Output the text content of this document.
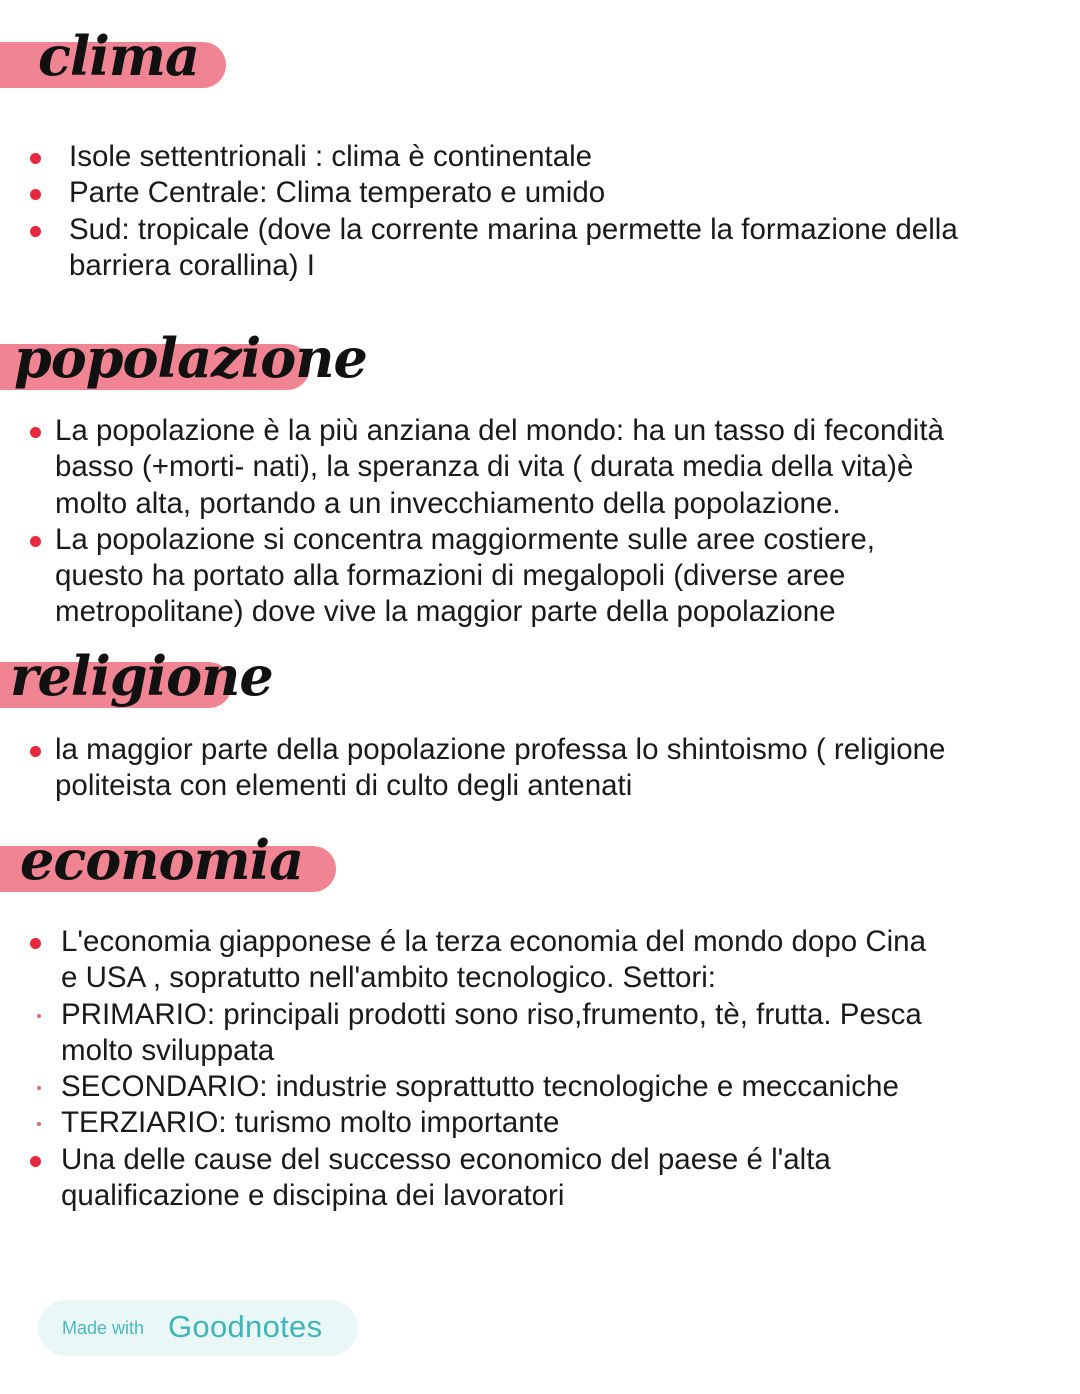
clima
Isole settentrionali : clima è continentale
Parte Centrale: Clima temperato e umido
Sud: tropicale (dove la corrente marina permette la formazione della
barriera corallina) I
popolazione
La popolazione è la più anziana del mondo: ha un tasso di fecondità
basso (+morti- nati), la speranza di vita ( durata media della vita)è
molto alta, portando a un invecchiamento della popolazione.
La popolazione si concentra maggiormente sulle aree costiere,
questo ha portato alla formazioni di megalopoli (diverse aree
metropolitane) dove vive la maggior parte della popolazione
religione
la maggior parte della popolazione professa lo shintoismo ( religione
politeista con elementi di culto degli antenati
economia
L'economia giapponese é la terza economia del mondo dopo Cina
e USA , sopratutto nell'ambito tecnologico. Settori:
PRIMARIO: principali prodotti sono riso,frumento, tè, frutta. Pesca
molto sviluppata
SECONDARIO: industrie soprattutto tecnologiche e meccaniche
TERZIARIO: turismo molto importante
Una delle cause del successo economico del paese é l'alta
qualificazione e discipina dei lavoratori
Made with Goodnotes
